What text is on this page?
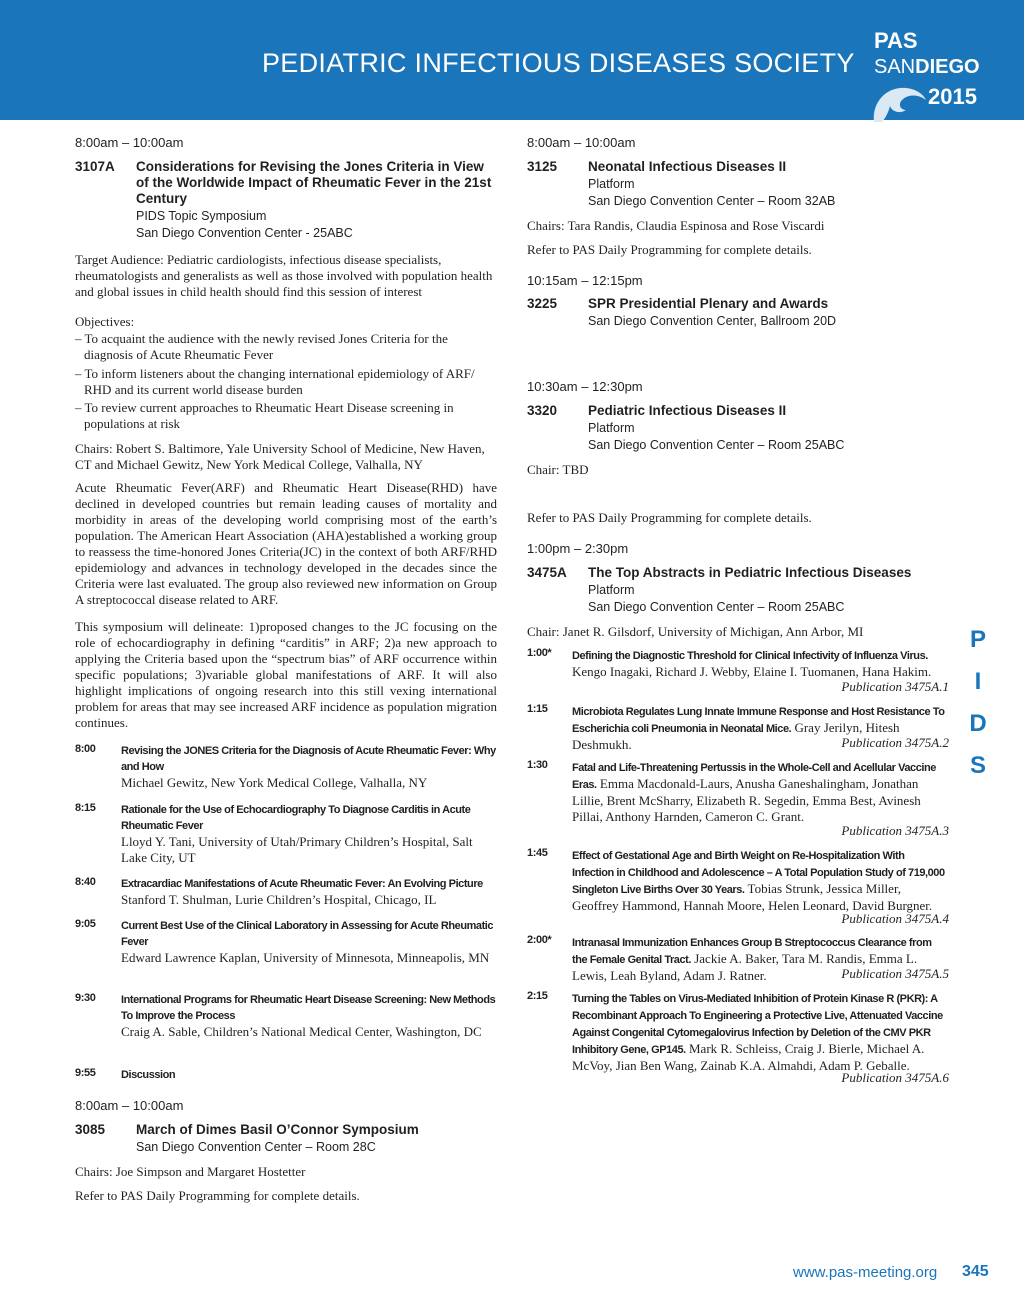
PEDIATRIC INFECTIOUS DISEASES SOCIETY
PAS
SANDIEGO
2015
8:00am – 10:00am
3107A Considerations for Revising the Jones Criteria in View of the Worldwide Impact of Rheumatic Fever in the 21st Century
PIDS Topic Symposium
San Diego Convention Center - 25ABC
Target Audience: Pediatric cardiologists, infectious disease specialists, rheumatologists and generalists as well as those involved with population health and global issues in child health should find this session of interest
Objectives:
– To acquaint the audience with the newly revised Jones Criteria for the diagnosis of Acute Rheumatic Fever
– To inform listeners about the changing international epidemiology of ARF/ RHD and its current world disease burden
– To review current approaches to Rheumatic Heart Disease screening in populations at risk
Chairs: Robert S. Baltimore, Yale University School of Medicine, New Haven, CT and Michael Gewitz, New York Medical College, Valhalla, NY
Acute Rheumatic Fever(ARF) and Rheumatic Heart Disease(RHD) have declined in developed countries but remain leading causes of mortality and morbidity in areas of the developing world comprising most of the earth’s population. The American Heart Association (AHA)established a working group to reassess the time-honored Jones Criteria(JC) in the context of both ARF/RHD epidemiology and advances in technology developed in the decades since the Criteria were last evaluated. The group also reviewed new information on Group A streptococcal disease related to ARF.
This symposium will delineate: 1)proposed changes to the JC focusing on the role of echocardiography in defining “carditis” in ARF; 2)a new approach to applying the Criteria based upon the “spectrum bias” of ARF occurrence within specific populations; 3)variable global manifestations of ARF. It will also highlight implications of ongoing research into this still vexing international problem for areas that may see increased ARF incidence as population migration continues.
8:00 Revising the JONES Criteria for the Diagnosis of Acute Rheumatic Fever: Why and How
Michael Gewitz, New York Medical College, Valhalla, NY
8:15 Rationale for the Use of Echocardiography To Diagnose Carditis in Acute Rheumatic Fever
Lloyd Y. Tani, University of Utah/Primary Children’s Hospital, Salt Lake City, UT
8:40 Extracardiac Manifestations of Acute Rheumatic Fever: An Evolving Picture
Stanford T. Shulman, Lurie Children’s Hospital, Chicago, IL
9:05 Current Best Use of the Clinical Laboratory in Assessing for Acute Rheumatic Fever
Edward Lawrence Kaplan, University of Minnesota, Minneapolis, MN
9:30 International Programs for Rheumatic Heart Disease Screening: New Methods To Improve the Process
Craig A. Sable, Children’s National Medical Center, Washington, DC
9:55 Discussion
8:00am – 10:00am
3085 March of Dimes Basil O’Connor Symposium
San Diego Convention Center – Room 28C
Chairs: Joe Simpson and Margaret Hostetter
Refer to PAS Daily Programming for complete details.
8:00am – 10:00am
3125 Neonatal Infectious Diseases II
Platform
San Diego Convention Center – Room 32AB
Chairs: Tara Randis, Claudia Espinosa and Rose Viscardi
Refer to PAS Daily Programming for complete details.
10:15am – 12:15pm
3225 SPR Presidential Plenary and Awards
San Diego Convention Center, Ballroom 20D
10:30am – 12:30pm
3320 Pediatric Infectious Diseases II
Platform
San Diego Convention Center – Room 25ABC
Chair: TBD
Refer to PAS Daily Programming for complete details.
1:00pm – 2:30pm
3475A The Top Abstracts in Pediatric Infectious Diseases
Platform
San Diego Convention Center – Room 25ABC
Chair: Janet R. Gilsdorf, University of Michigan, Ann Arbor, MI
1:00* Defining the Diagnostic Threshold for Clinical Infectivity of Influenza Virus. Kengo Inagaki, Richard J. Webby, Elaine I. Tuomanen, Hana Hakim.
Publication 3475A.1
1:15 Microbiota Regulates Lung Innate Immune Response and Host Resistance To Escherichia coli Pneumonia in Neonatal Mice. Gray Jerilyn, Hitesh Deshmukh.	Publication 3475A.2
1:30 Fatal and Life-Threatening Pertussis in the Whole-Cell and Acellular Vaccine Eras. Emma Macdonald-Laurs, Anusha Ganeshalingham, Jonathan Lillie, Brent McSharry, Elizabeth R. Segedin, Emma Best, Avinesh Pillai, Anthony Harnden, Cameron C. Grant.
Publication 3475A.3
1:45 Effect of Gestational Age and Birth Weight on Re-Hospitalization With Infection in Childhood and Adolescence – A Total Population Study of 719,000 Singleton Live Births Over 30 Years. Tobias Strunk, Jessica Miller, Geoffrey Hammond, Hannah Moore, Helen Leonard, David Burgner.
Publication 3475A.4
2:00* Intranasal Immunization Enhances Group B Streptococcus Clearance from the Female Genital Tract. Jackie A. Baker, Tara M. Randis, Emma L. Lewis, Leah Byland, Adam J. Ratner.	Publication 3475A.5
2:15 Turning the Tables on Virus-Mediated Inhibition of Protein Kinase R (PKR): A Recombinant Approach To Engineering a Protective Live, Attenuated Vaccine Against Congenital Cytomegalovirus Infection by Deletion of the CMV PKR Inhibitory Gene, GP145. Mark R. Schleiss, Craig J. Bierle, Michael A. McVoy, Jian Ben Wang, Zainab K.A. Almahdi, Adam P. Geballe.
Publication 3475A.6
P
I
D
S
www.pas-meeting.org 345
